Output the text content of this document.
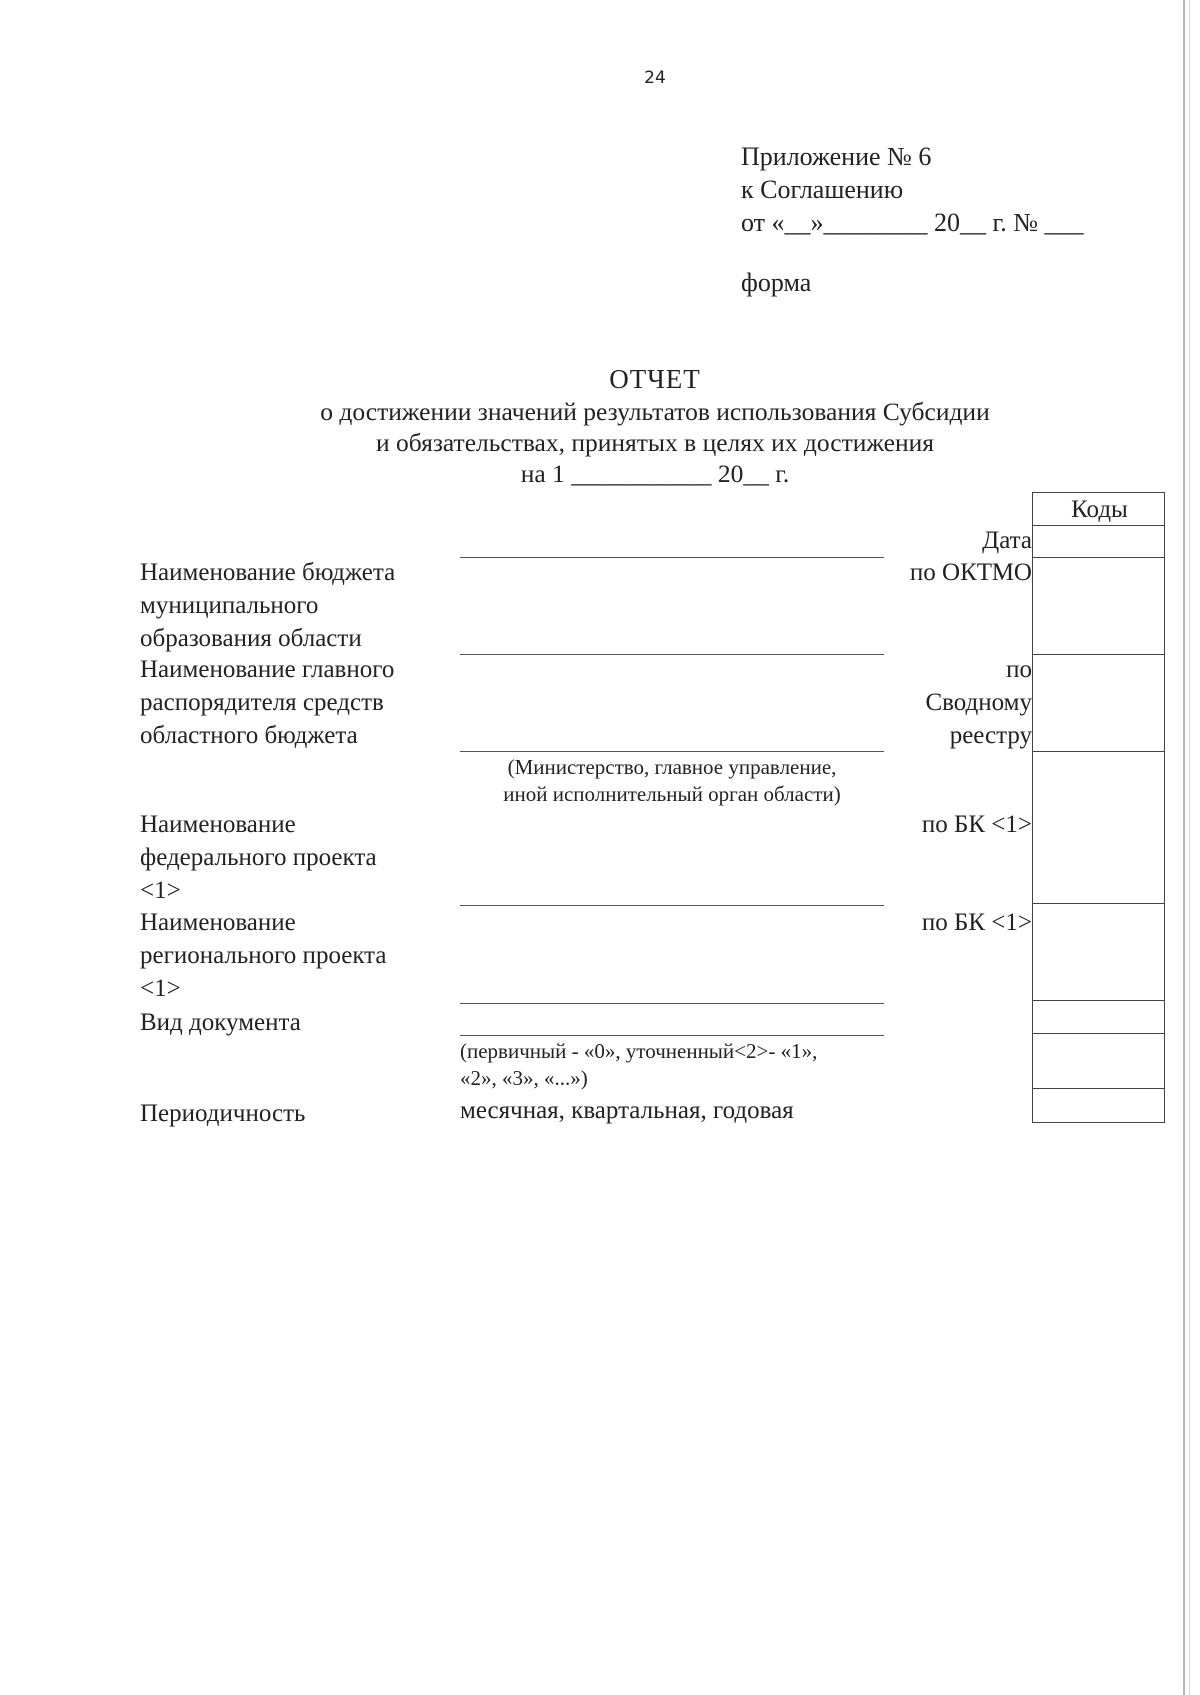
24
Приложение № 6
к Соглашению
от «__»________ 20__ г. № ___
форма
ОТЧЕТ
о достижении значений результатов использования Субсидии
и обязательствах, принятых в целях их достижения
на 1 ___________ 20__ г.
Наименование бюджета
муниципального
образования области
Наименование главного
распорядителя средств
областного бюджета
(Министерство, главное управление,
иной исполнительный орган области)
Наименование
федерального проекта
<1>
Наименование
регионального проекта
<1>
Вид документа
(первичный - «0», уточненный<2>- «1»,
«2», «3», «...»)
Периодичность	месячная, квартальная, годовая
Дата
по ОКТМО
по
Сводному
реестру
по БК <1>
по БК <1>
Коды
